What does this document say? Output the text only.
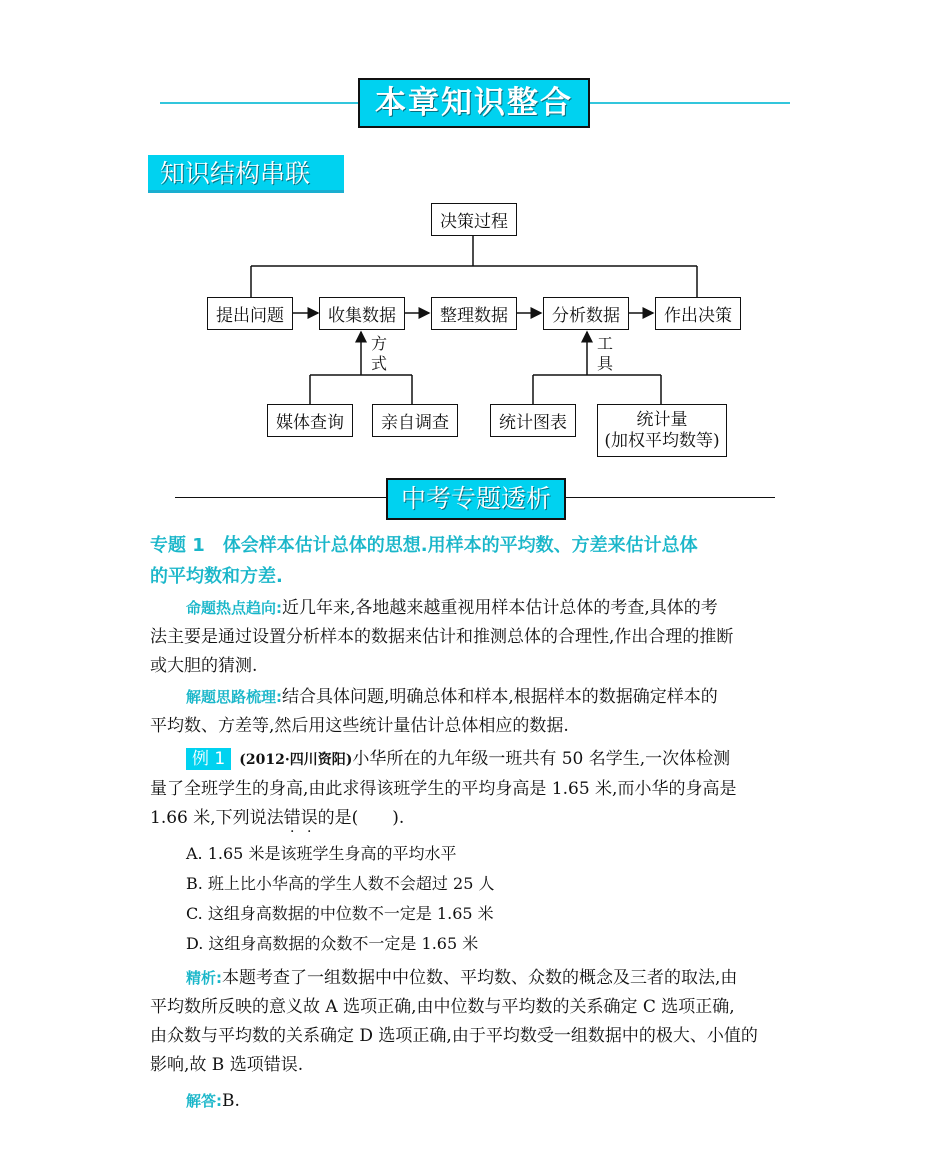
本章知识整合
知识结构串联
决策过程
提出问题	收集数据	整理数据	分析数据	作出决策
方式
工具
媒体查询	亲自调查	统计图表	统计量
(加权平均数等)
中考专题透析
专题 1　体会样本估计总体的思想.用样本的平均数、方差来估计总体
的平均数和方差.
命题热点趋向:近几年来,各地越来越重视用样本估计总体的考查,具体的考
法主要是通过设置分析样本的数据来估计和推测总体的合理性,作出合理的推断
或大胆的猜测.
解题思路梳理:结合具体问题,明确总体和样本,根据样本的数据确定样本的
平均数、方差等,然后用这些统计量估计总体相应的数据.
例 1 (2012·四川资阳)小华所在的九年级一班共有 50 名学生,一次体检测
量了全班学生的身高,由此求得该班学生的平均身高是 1.65 米,而小华的身高是
1.66 米,下列说法错误的是(　　).
A. 1.65 米是该班学生身高的平均水平
B. 班上比小华高的学生人数不会超过 25 人
C. 这组身高数据的中位数不一定是 1.65 米
D. 这组身高数据的众数不一定是 1.65 米
精析:本题考查了一组数据中中位数、平均数、众数的概念及三者的取法,由
平均数所反映的意义故 A 选项正确,由中位数与平均数的关系确定 C 选项正确,
由众数与平均数的关系确定 D 选项正确,由于平均数受一组数据中的极大、小值的
影响,故 B 选项错误.
解答:B.
